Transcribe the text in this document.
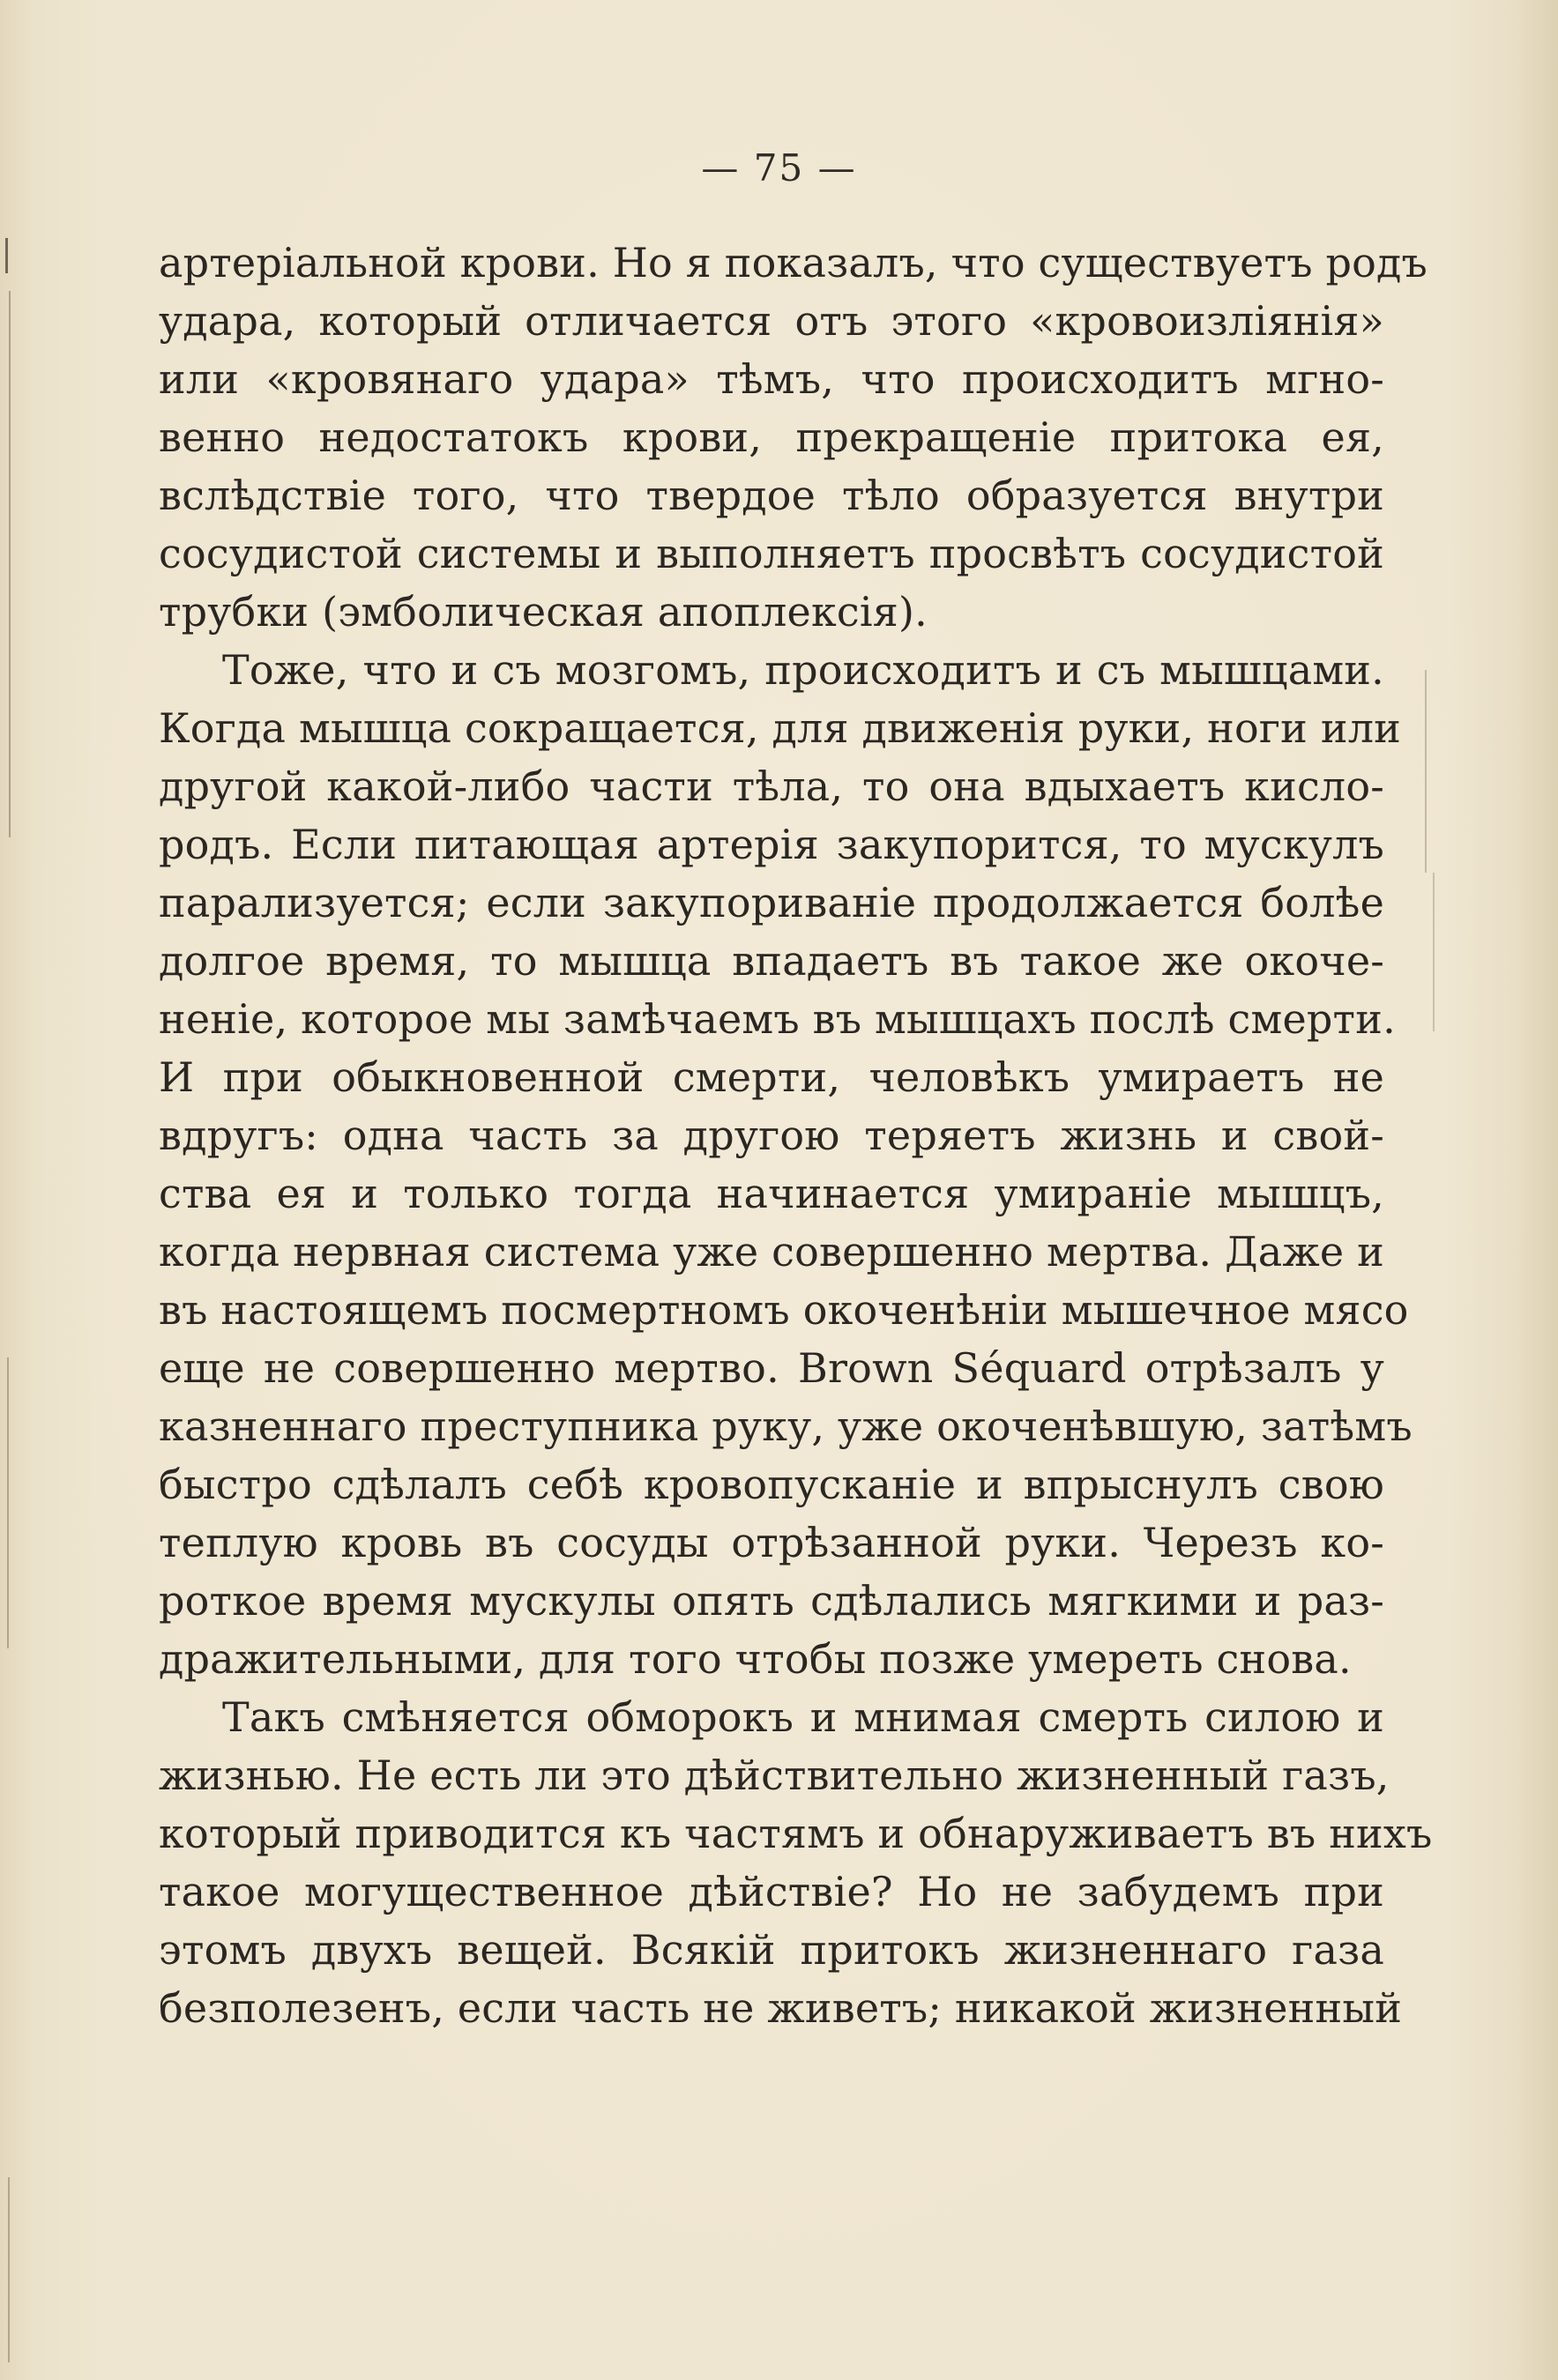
— 75 —
артеріальной крови. Но я показалъ, что существуетъ родъ
удара, который отличается отъ этого «кровоизліянія»
или «кровянаго удара» тѣмъ, что происходитъ мгно-
венно недостатокъ крови, прекращеніе притока ея,
вслѣдствіе того, что твердое тѣло образуется внутри
сосудистой системы и выполняетъ просвѣтъ сосудистой
трубки (эмболическая апоплексія).
Тоже, что и съ мозгомъ, происходитъ и съ мышцами.
Когда мышца сокращается, для движенія руки, ноги или
другой какой-либо части тѣла, то она вдыхаетъ кисло-
родъ. Если питающая артерія закупорится, то мускулъ
парализуется; если закупориваніе продолжается болѣе
долгое время, то мышца впадаетъ въ такое же окоче-
неніе, которое мы замѣчаемъ въ мышцахъ послѣ смерти.
И при обыкновенной смерти, человѣкъ умираетъ не
вдругъ: одна часть за другою теряетъ жизнь и свой-
ства ея и только тогда начинается умираніе мышцъ,
когда нервная система уже совершенно мертва. Даже и
въ настоящемъ посмертномъ окоченѣніи мышечное мясо
еще не совершенно мертво. Brown Séquard отрѣзалъ у
казненнаго преступника руку, уже окоченѣвшую, затѣмъ
быстро сдѣлалъ себѣ кровопусканіе и впрыснулъ свою
теплую кровь въ сосуды отрѣзанной руки. Черезъ ко-
роткое время мускулы опять сдѣлались мягкими и раз-
дражительными, для того чтобы позже умереть снова.
Такъ смѣняется обморокъ и мнимая смерть силою и
жизнью. Не есть ли это дѣйствительно жизненный газъ,
который приводится къ частямъ и обнаруживаетъ въ нихъ
такое могущественное дѣйствіе? Но не забудемъ при
этомъ двухъ вещей. Всякій притокъ жизненнаго газа
безполезенъ, если часть не живетъ; никакой жизненный
